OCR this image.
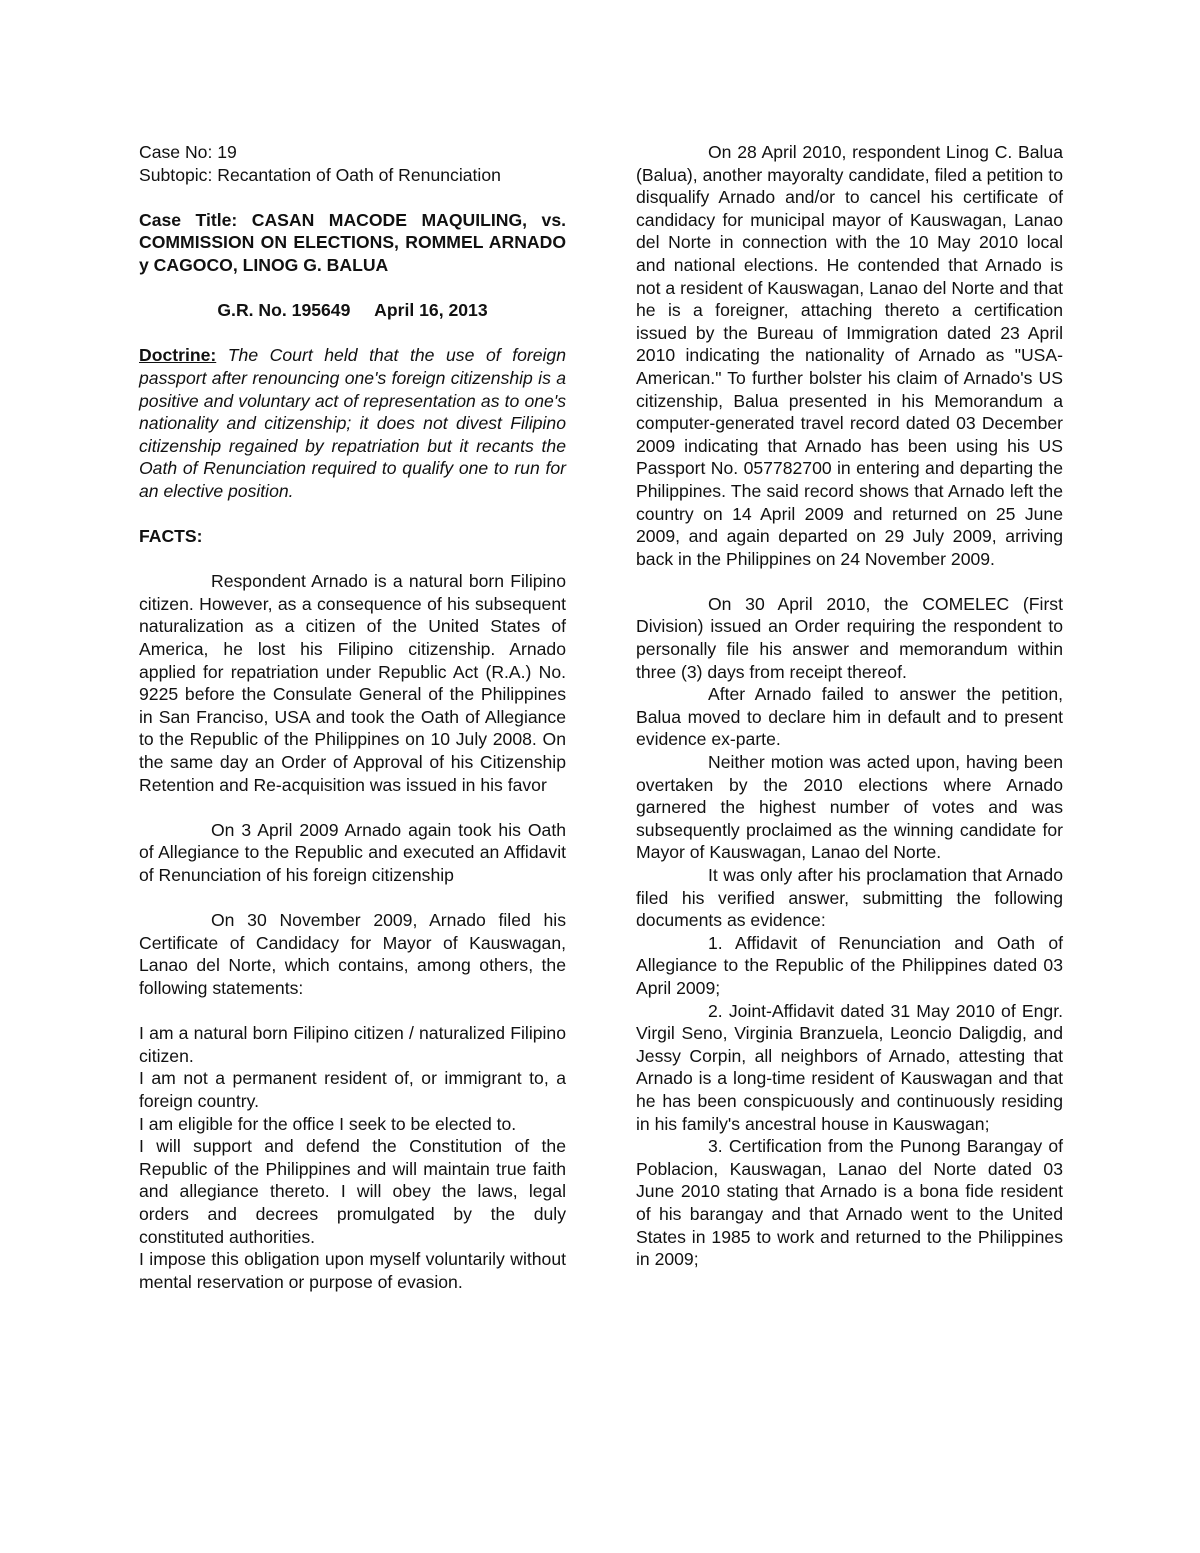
Case No: 19

Subtopic: Recantation of Oath of Renunciation

Case Title: CASAN MACODE MAQUILING, vs. COMMISSION ON ELECTIONS, ROMMEL ARNADO y CAGOCO, LINOG G. BALUA

G.R. No. 195649 April 16, 2013

Doctrine: The Court held that the use of foreign passport after renouncing one's foreign citizenship is a positive and voluntary act of representation as to one's nationality and citizenship; it does not divest Filipino citizenship regained by repatriation but it recants the Oath of Renunciation required to qualify one to run for an elective position.

FACTS:

Respondent Arnado is a natural born Filipino citizen. However, as a consequence of his subsequent naturalization as a citizen of the United States of America, he lost his Filipino citizenship. Arnado applied for repatriation under Republic Act (R.A.) No. 9225 before the Consulate General of the Philippines in San Franciso, USA and took the Oath of Allegiance to the Republic of the Philippines on 10 July 2008. On the same day an Order of Approval of his Citizenship Retention and Re-acquisition was issued in his favor

On 3 April 2009 Arnado again took his Oath of Allegiance to the Republic and executed an Affidavit of Renunciation of his foreign citizenship

On 30 November 2009, Arnado filed his Certificate of Candidacy for Mayor of Kauswagan, Lanao del Norte, which contains, among others, the following statements:

I am a natural born Filipino citizen / naturalized Filipino citizen.

I am not a permanent resident of, or immigrant to, a foreign country.

I am eligible for the office I seek to be elected to.

I will support and defend the Constitution of the Republic of the Philippines and will maintain true faith and allegiance thereto. I will obey the laws, legal orders and decrees promulgated by the duly constituted authorities.

I impose this obligation upon myself voluntarily without mental reservation or purpose of evasion.

On 28 April 2010, respondent Linog C. Balua (Balua), another mayoralty candidate, filed a petition to disqualify Arnado and/or to cancel his certificate of candidacy for municipal mayor of Kauswagan, Lanao del Norte in connection with the 10 May 2010 local and national elections. He contended that Arnado is not a resident of Kauswagan, Lanao del Norte and that he is a foreigner, attaching thereto a certification issued by the Bureau of Immigration dated 23 April 2010 indicating the nationality of Arnado as "USA-American." To further bolster his claim of Arnado's US citizenship, Balua presented in his Memorandum a computer-generated travel record dated 03 December 2009 indicating that Arnado has been using his US Passport No. 057782700 in entering and departing the Philippines. The said record shows that Arnado left the country on 14 April 2009 and returned on 25 June 2009, and again departed on 29 July 2009, arriving back in the Philippines on 24 November 2009.

On 30 April 2010, the COMELEC (First Division) issued an Order requiring the respondent to personally file his answer and memorandum within three (3) days from receipt thereof.

After Arnado failed to answer the petition, Balua moved to declare him in default and to present evidence ex-parte.

Neither motion was acted upon, having been overtaken by the 2010 elections where Arnado garnered the highest number of votes and was subsequently proclaimed as the winning candidate for Mayor of Kauswagan, Lanao del Norte.

It was only after his proclamation that Arnado filed his verified answer, submitting the following documents as evidence:

1. Affidavit of Renunciation and Oath of Allegiance to the Republic of the Philippines dated 03 April 2009;

2. Joint-Affidavit dated 31 May 2010 of Engr. Virgil Seno, Virginia Branzuela, Leoncio Daligdig, and Jessy Corpin, all neighbors of Arnado, attesting that Arnado is a long-time resident of Kauswagan and that he has been conspicuously and continuously residing in his family's ancestral house in Kauswagan;

3. Certification from the Punong Barangay of Poblacion, Kauswagan, Lanao del Norte dated 03 June 2010 stating that Arnado is a bona fide resident of his barangay and that Arnado went to the United States in 1985 to work and returned to the Philippines in 2009;
